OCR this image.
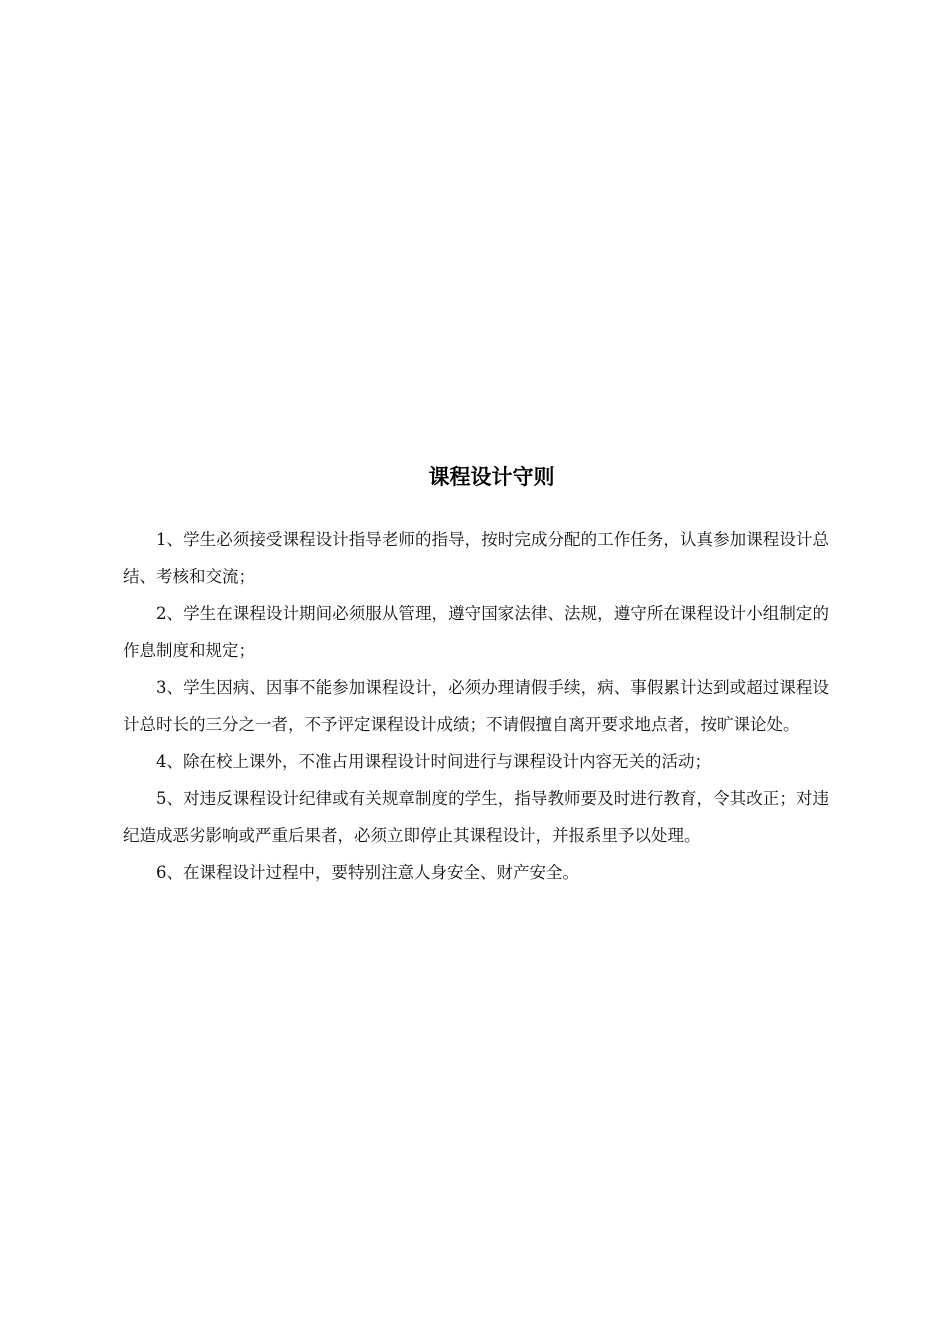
课程设计守则

1、学生必须接受课程设计指导老师的指导，按时完成分配的工作任务，认真参加课程设计总结、考核和交流；

2、学生在课程设计期间必须服从管理，遵守国家法律、法规，遵守所在课程设计小组制定的作息制度和规定；

3、学生因病、因事不能参加课程设计，必须办理请假手续，病、事假累计达到或超过课程设计总时长的三分之一者，不予评定课程设计成绩；不请假擅自离开要求地点者，按旷课论处。

4、除在校上课外，不准占用课程设计时间进行与课程设计内容无关的活动；

5、对违反课程设计纪律或有关规章制度的学生，指导教师要及时进行教育，令其改正；对违纪造成恶劣影响或严重后果者，必须立即停止其课程设计，并报系里予以处理。

6、在课程设计过程中，要特别注意人身安全、财产安全。
